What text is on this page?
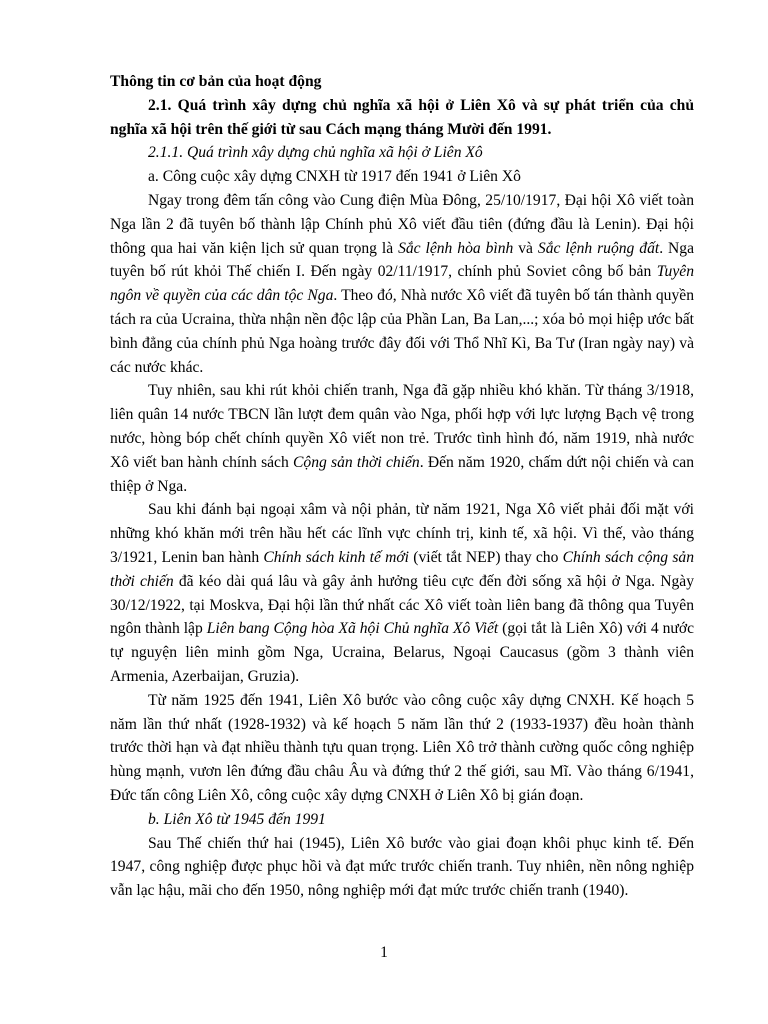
Thông tin cơ bản của hoạt động

2.1. Quá trình xây dựng chủ nghĩa xã hội ở Liên Xô và sự phát triển của chủ nghĩa xã hội trên thế giới từ sau Cách mạng tháng Mười đến 1991.

2.1.1. Quá trình xây dựng chủ nghĩa xã hội ở Liên Xô

a. Công cuộc xây dựng CNXH từ 1917 đến 1941 ở Liên Xô

Ngay trong đêm tấn công vào Cung điện Mùa Đông, 25/10/1917, Đại hội Xô viết toàn Nga lần 2 đã tuyên bố thành lập Chính phủ Xô viết đầu tiên (đứng đầu là Lenin). Đại hội thông qua hai văn kiện lịch sử quan trọng là Sắc lệnh hòa bình và Sắc lệnh ruộng đất. Nga tuyên bố rút khỏi Thế chiến I. Đến ngày 02/11/1917, chính phủ Soviet công bố bản Tuyên ngôn về quyền của các dân tộc Nga. Theo đó, Nhà nước Xô viết đã tuyên bố tán thành quyền tách ra của Ucraina, thừa nhận nền độc lập của Phần Lan, Ba Lan,...; xóa bỏ mọi hiệp ước bất bình đẳng của chính phủ Nga hoàng trước đây đối với Thổ Nhĩ Kì, Ba Tư (Iran ngày nay) và các nước khác.

Tuy nhiên, sau khi rút khỏi chiến tranh, Nga đã gặp nhiều khó khăn. Từ tháng 3/1918, liên quân 14 nước TBCN lần lượt đem quân vào Nga, phối hợp với lực lượng Bạch vệ trong nước, hòng bóp chết chính quyền Xô viết non trẻ. Trước tình hình đó, năm 1919, nhà nước Xô viết ban hành chính sách Cộng sản thời chiến. Đến năm 1920, chấm dứt nội chiến và can thiệp ở Nga.

Sau khi đánh bại ngoại xâm và nội phản, từ năm 1921, Nga Xô viết phải đối mặt với những khó khăn mới trên hầu hết các lĩnh vực chính trị, kinh tế, xã hội. Vì thế, vào tháng 3/1921, Lenin ban hành Chính sách kinh tế mới (viết tắt NEP) thay cho Chính sách cộng sản thời chiến đã kéo dài quá lâu và gây ảnh hưởng tiêu cực đến đời sống xã hội ở Nga. Ngày 30/12/1922, tại Moskva, Đại hội lần thứ nhất các Xô viết toàn liên bang đã thông qua Tuyên ngôn thành lập Liên bang Cộng hòa Xã hội Chủ nghĩa Xô Viết (gọi tắt là Liên Xô) với 4 nước tự nguyện liên minh gồm Nga, Ucraina, Belarus, Ngoại Caucasus (gồm 3 thành viên Armenia, Azerbaijan, Gruzia).

Từ năm 1925 đến 1941, Liên Xô bước vào công cuộc xây dựng CNXH. Kế hoạch 5 năm lần thứ nhất (1928-1932) và kế hoạch 5 năm lần thứ 2 (1933-1937) đều hoàn thành trước thời hạn và đạt nhiều thành tựu quan trọng. Liên Xô trở thành cường quốc công nghiệp hùng mạnh, vươn lên đứng đầu châu Âu và đứng thứ 2 thế giới, sau Mĩ. Vào tháng 6/1941, Đức tấn công Liên Xô, công cuộc xây dựng CNXH ở Liên Xô bị gián đoạn.

b. Liên Xô từ 1945 đến 1991

Sau Thế chiến thứ hai (1945), Liên Xô bước vào giai đoạn khôi phục kinh tế. Đến 1947, công nghiệp được phục hồi và đạt mức trước chiến tranh. Tuy nhiên, nền nông nghiệp vẫn lạc hậu, mãi cho đến 1950, nông nghiệp mới đạt mức trước chiến tranh (1940).

1
